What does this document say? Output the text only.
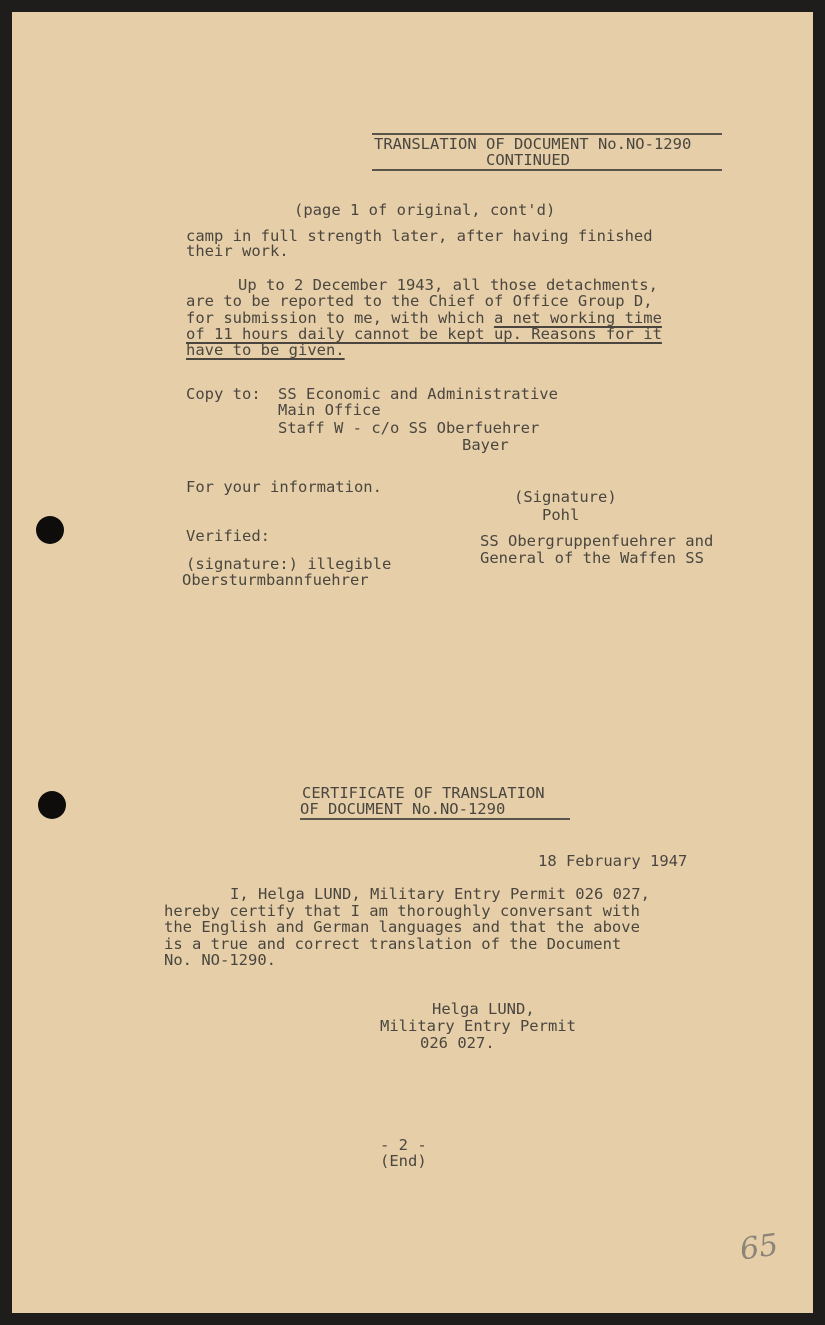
TRANSLATION OF DOCUMENT No.NO-1290
CONTINUED
(page 1 of original, cont'd)
camp in full strength later, after having finished
their work.
Up to 2 December 1943, all those detachments,
are to be reported to the Chief of Office Group D,
for submission to me, with which a net working time
of 11 hours daily cannot be kept up. Reasons for it
have to be given.
Copy to: SS Economic and Administrative
Main Office
Staff W - c/o SS Oberfuehrer
Bayer
For your information.
(Signature)
Pohl
SS Obergruppenfuehrer and
General of the Waffen SS
Verified:
(signature:) illegible
Obersturmbannfuehrer
CERTIFICATE OF TRANSLATION
OF DOCUMENT No.NO-1290
18 February 1947
I, Helga LUND, Military Entry Permit 026 027,
hereby certify that I am thoroughly conversant with
the English and German languages and that the above
is a true and correct translation of the Document
No. NO-1290.
Helga LUND,
Military Entry Permit
026 027.
- 2 -
(End)
65
